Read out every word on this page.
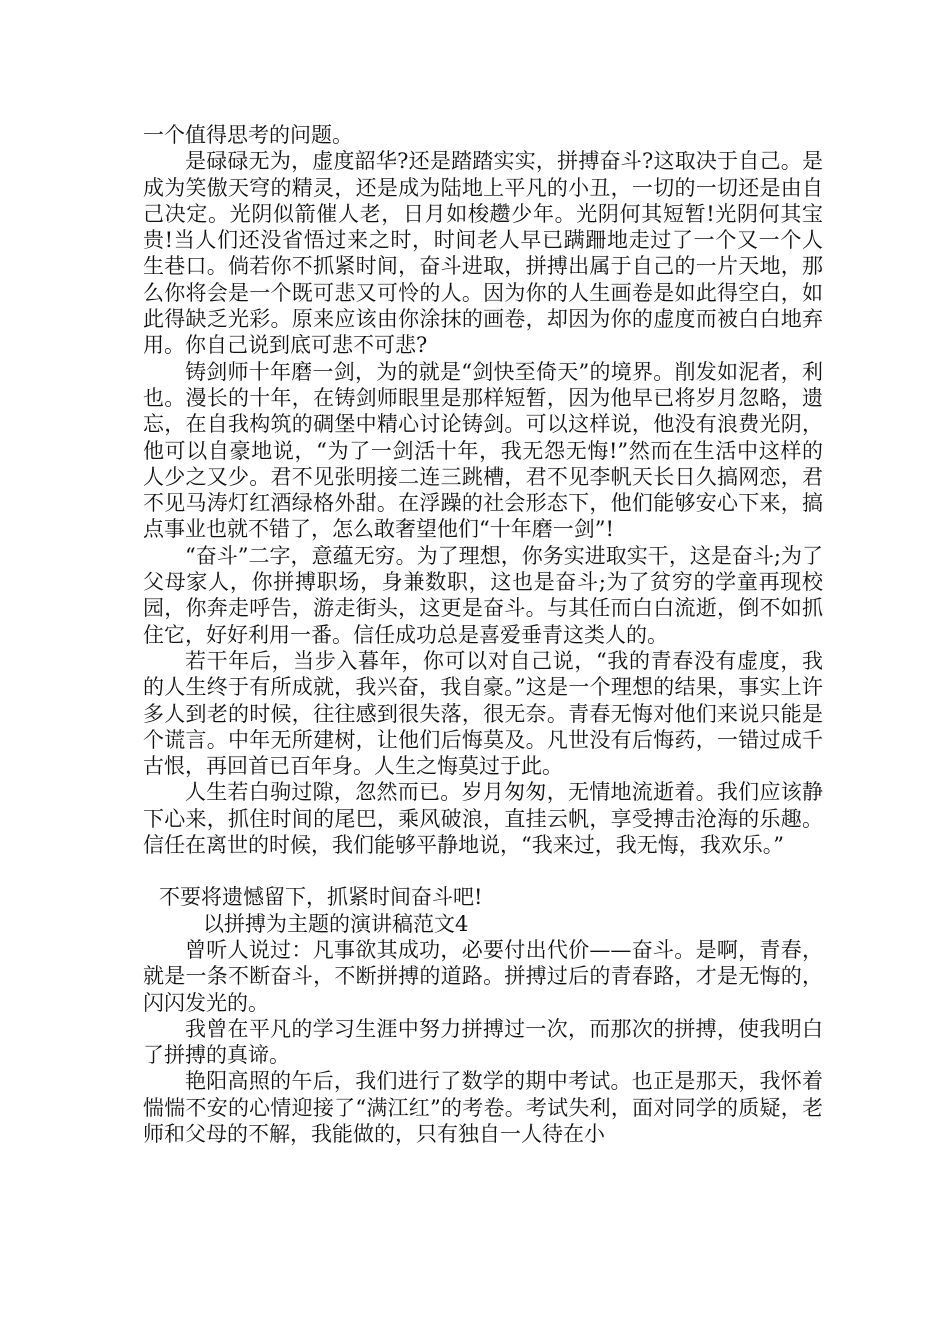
一个值得思考的问题。

是碌碌无为，虚度韶华?还是踏踏实实，拼搏奋斗?这取决于自己。是成为笑傲天穹的精灵，还是成为陆地上平凡的小丑，一切的一切还是由自己决定。光阴似箭催人老，日月如梭趱少年。光阴何其短暂!光阴何其宝贵!当人们还没省悟过来之时，时间老人早已蹒跚地走过了一个又一个人生巷口。倘若你不抓紧时间，奋斗进取，拼搏出属于自己的一片天地，那么你将会是一个既可悲又可怜的人。因为你的人生画卷是如此得空白，如此得缺乏光彩。原来应该由你涂抹的画卷，却因为你的虚度而被白白地弃用。你自己说到底可悲不可悲?

铸剑师十年磨一剑，为的就是“剑快至倚天”的境界。削发如泥者，利也。漫长的十年，在铸剑师眼里是那样短暂，因为他早已将岁月忽略，遗忘，在自我构筑的碉堡中精心讨论铸剑。可以这样说，他没有浪费光阴，他可以自豪地说，“为了一剑活十年，我无怨无悔!”然而在生活中这样的人少之又少。君不见张明接二连三跳槽，君不见李帆天长日久搞网恋，君不见马涛灯红酒绿格外甜。在浮躁的社会形态下，他们能够安心下来，搞点事业也就不错了，怎么敢奢望他们“十年磨一剑”!

“奋斗”二字，意蕴无穷。为了理想，你务实进取实干，这是奋斗;为了父母家人，你拼搏职场，身兼数职，这也是奋斗;为了贫穷的学童再现校园，你奔走呼告，游走街头，这更是奋斗。与其任而白白流逝，倒不如抓住它，好好利用一番。信任成功总是喜爱垂青这类人的。

若干年后，当步入暮年，你可以对自己说，“我的青春没有虚度，我的人生终于有所成就，我兴奋，我自豪。”这是一个理想的结果，事实上许多人到老的时候，往往感到很失落，很无奈。青春无悔对他们来说只能是个谎言。中年无所建树，让他们后悔莫及。凡世没有后悔药，一错过成千古恨，再回首已百年身。人生之悔莫过于此。

人生若白驹过隙，忽然而已。岁月匆匆，无情地流逝着。我们应该静下心来，抓住时间的尾巴，乘风破浪，直挂云帆，享受搏击沧海的乐趣。信任在离世的时候，我们能够平静地说，“我来过，我无悔，我欢乐。”

不要将遗憾留下，抓紧时间奋斗吧!

以拼搏为主题的演讲稿范文4

曾听人说过：凡事欲其成功，必要付出代价——奋斗。是啊，青春，就是一条不断奋斗，不断拼搏的道路。拼搏过后的青春路，才是无悔的，闪闪发光的。

我曾在平凡的学习生涯中努力拼搏过一次，而那次的拼搏，使我明白了拼搏的真谛。

艳阳高照的午后，我们进行了数学的期中考试。也正是那天，我怀着惴惴不安的心情迎接了“满江红”的考卷。考试失利，面对同学的质疑，老师和父母的不解，我能做的，只有独自一人待在小
